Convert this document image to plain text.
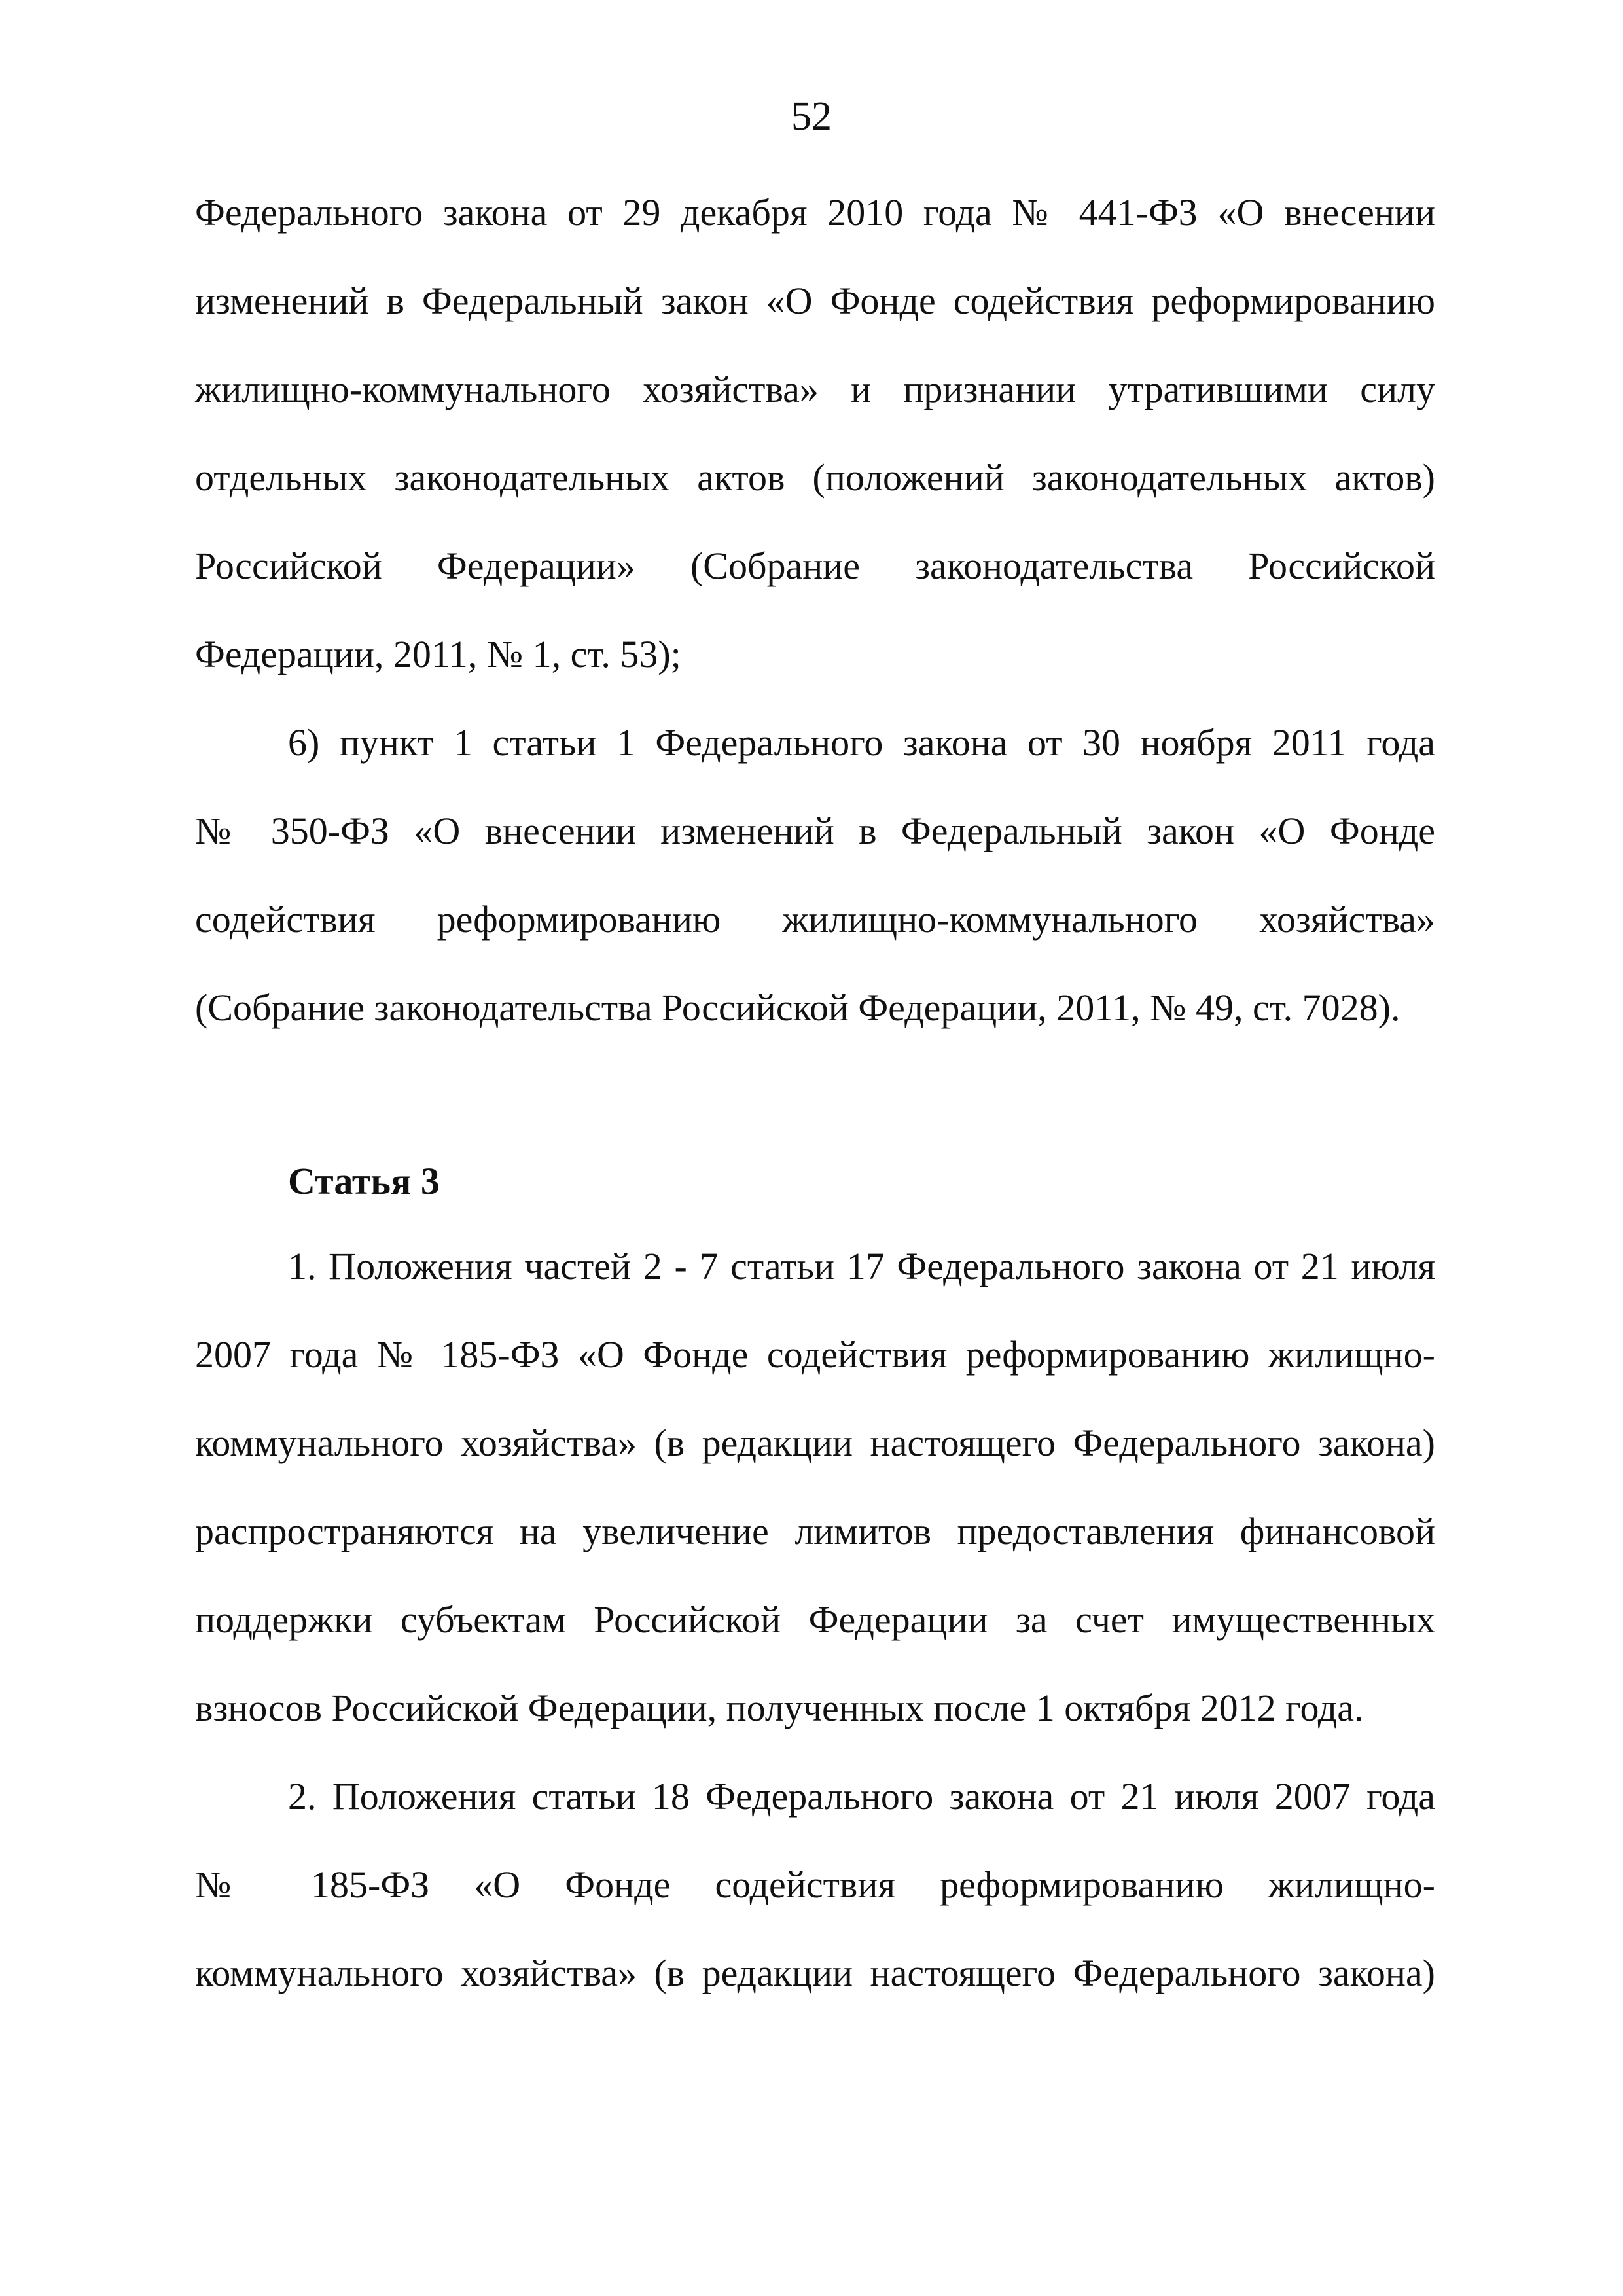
52
Федерального закона от 29 декабря 2010 года № 441-ФЗ «О внесении
изменений в Федеральный закон «О Фонде содействия реформированию
жилищно-коммунального хозяйства» и признании утратившими силу
отдельных законодательных актов (положений законодательных актов)
Российской Федерации» (Собрание законодательства Российской
Федерации, 2011, № 1, ст. 53);
6) пункт 1 статьи 1 Федерального закона от 30 ноября 2011 года
№ 350-ФЗ «О внесении изменений в Федеральный закон «О Фонде
содействия реформированию жилищно-коммунального хозяйства»
(Собрание законодательства Российской Федерации, 2011, № 49, ст. 7028).
Статья 3
1. Положения частей 2 - 7 статьи 17 Федерального закона от 21 июля
2007 года № 185-ФЗ «О Фонде содействия реформированию жилищно-
коммунального хозяйства» (в редакции настоящего Федерального закона)
распространяются на увеличение лимитов предоставления финансовой
поддержки субъектам Российской Федерации за счет имущественных
взносов Российской Федерации, полученных после 1 октября 2012 года.
2. Положения статьи 18 Федерального закона от 21 июля 2007 года
№ 185-ФЗ «О Фонде содействия реформированию жилищно-
коммунального хозяйства» (в редакции настоящего Федерального закона)
